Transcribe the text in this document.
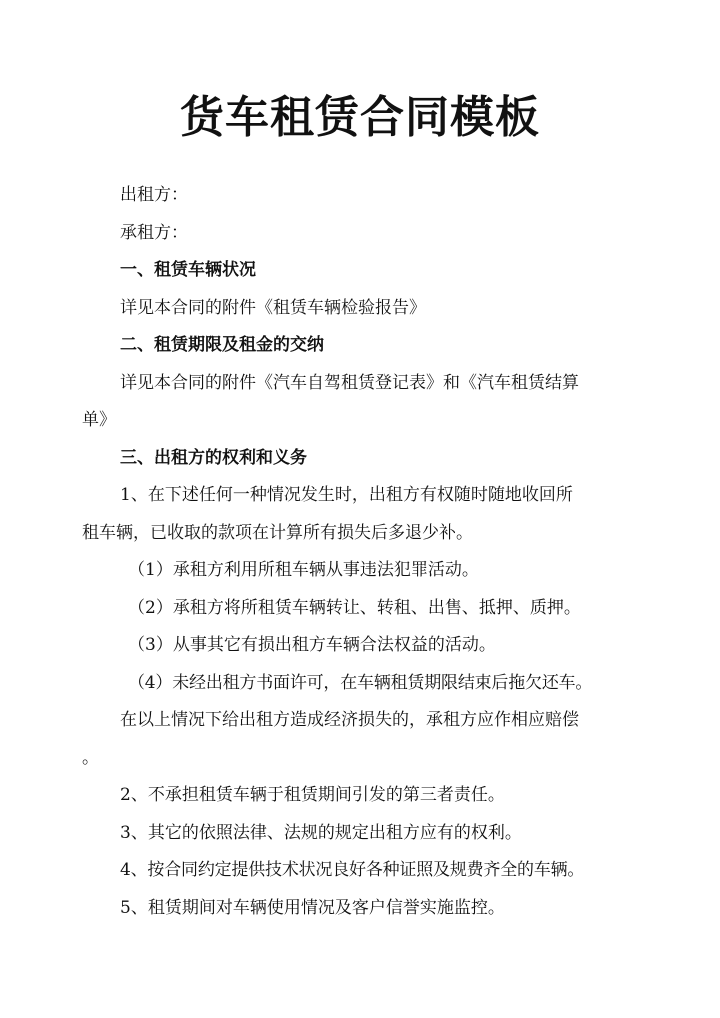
货车租赁合同模板

出租方：

承租方：

一、租赁车辆状况

详见本合同的附件《租赁车辆检验报告》

二、租赁期限及租金的交纳

详见本合同的附件《汽车自驾租赁登记表》和《汽车租赁结算

单》

三、出租方的权利和义务

1、在下述任何一种情况发生时，出租方有权随时随地收回所

租车辆，已收取的款项在计算所有损失后多退少补。

（1）承租方利用所租车辆从事违法犯罪活动。

（2）承租方将所租赁车辆转让、转租、出售、抵押、质押。

（3）从事其它有损出租方车辆合法权益的活动。

（4）未经出租方书面许可，在车辆租赁期限结束后拖欠还车。

在以上情况下给出租方造成经济损失的，承租方应作相应赔偿

。

2、不承担租赁车辆于租赁期间引发的第三者责任。

3、其它的依照法律、法规的规定出租方应有的权利。

4、按合同约定提供技术状况良好各种证照及规费齐全的车辆。

5、租赁期间对车辆使用情况及客户信誉实施监控。
